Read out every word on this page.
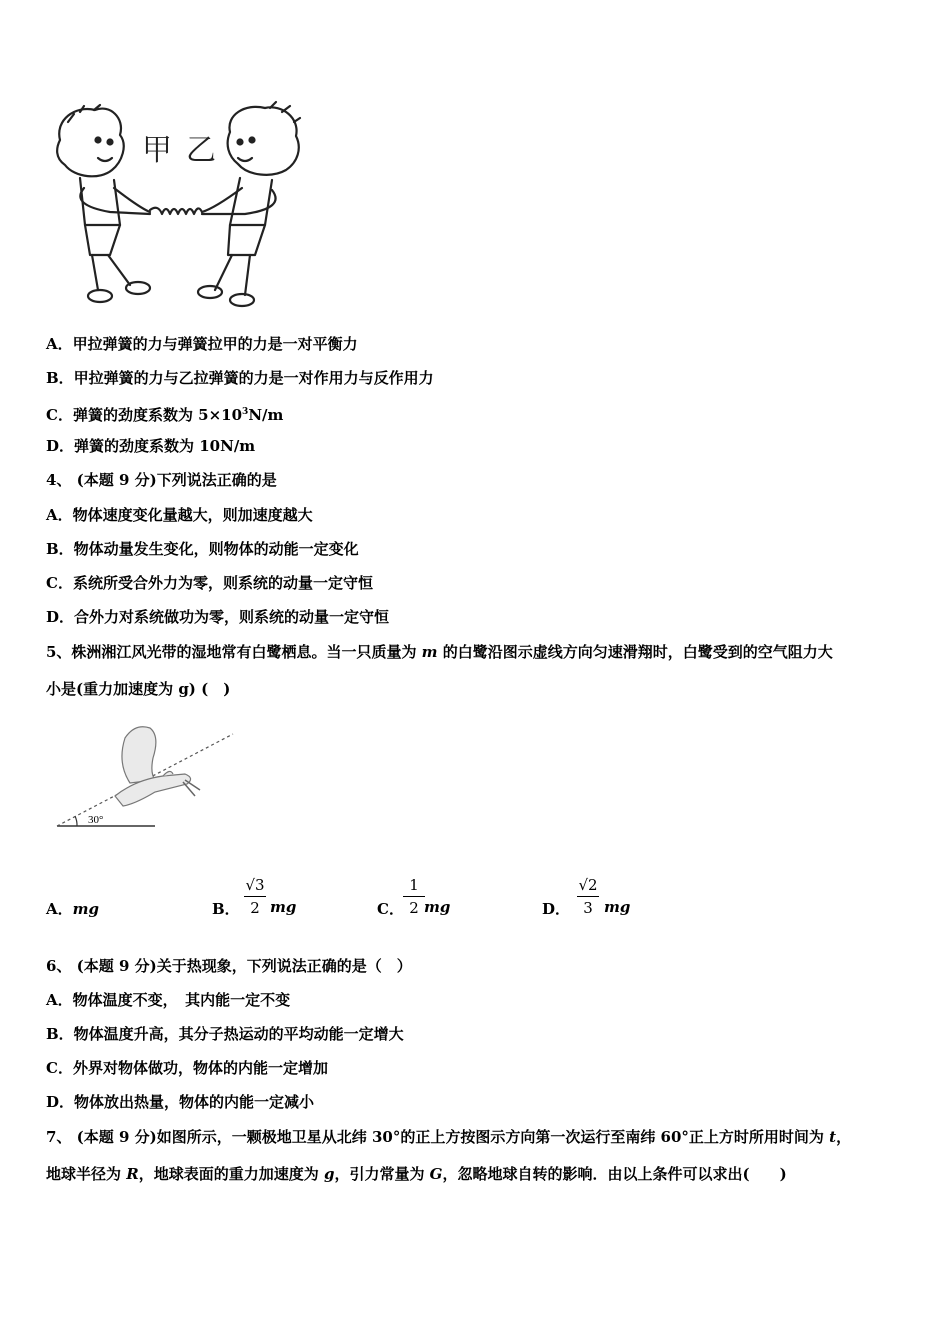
甲 乙
A．甲拉弹簧的力与弹簧拉甲的力是一对平衡力
B．甲拉弹簧的力与乙拉弹簧的力是一对作用力与反作用力
C．弹簧的劲度系数为 $5\times 10^3N/m$
D．弹簧的劲度系数为 10N/m
4、 (本题 9 分)下列说法正确的是
A．物体速度变化量越大，则加速度越大
B．物体动量发生变化，则物体的动能一定变化
C．系统所受合外力为零，则系统的动量一定守恒
D．合外力对系统做功为零，则系统的动量一定守恒
5、株洲湘江风光带的湿地常有白鹭栖息。当一只质量为 m 的白鹭沿图示虚线方向匀速滑翔时，白鹭受到的空气阻力大
小是(重力加速度为 g) (　)
30°
A．mg	B．
√3
2 mg	C．
1
2 mg	D．
√2
3 mg
6、 (本题 9 分)关于热现象，下列说法正确的是（　）
A．物体温度不变，　其内能一定不变
B．物体温度升高，其分子热运动的平均动能一定增大
C．外界对物体做功，物体的内能一定增加
D．物体放出热量，物体的内能一定减小
7、 (本题 9 分)如图所示，一颗极地卫星从北纬 30°的正上方按图示方向第一次运行至南纬 60°正上方时所用时间为 t，
地球半径为 R，地球表面的重力加速度为 g，引力常量为 G，忽略地球自转的影响．由以上条件可以求出(　　)
